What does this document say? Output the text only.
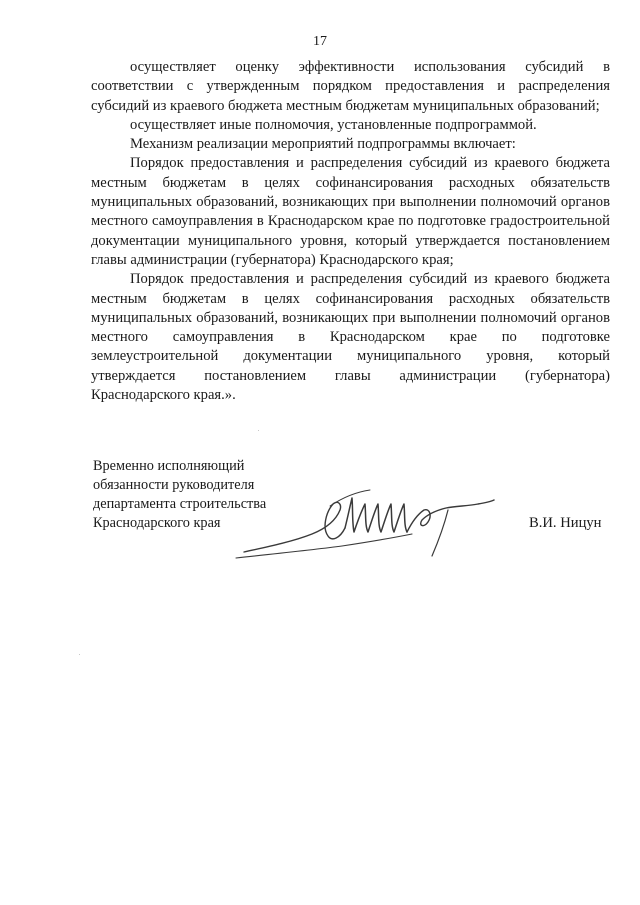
17

осуществляет оценку эффективности использования субсидий в соответствии с утвержденным порядком предоставления и распределения субсидий из краевого бюджета местным бюджетам муниципальных образований;

осуществляет иные полномочия, установленные подпрограммой.

Механизм реализации мероприятий подпрограммы включает:

Порядок предоставления и распределения субсидий из краевого бюджета местным бюджетам в целях софинансирования расходных обязательств муниципальных образований, возникающих при выполнении полномочий органов местного самоуправления в Краснодарском крае по подготовке градостроительной документации муниципального уровня, который утверждается постановлением главы администрации (губернатора) Краснодарского края;

Порядок предоставления и распределения субсидий из краевого бюджета местным бюджетам в целях софинансирования расходных обязательств муниципальных образований, возникающих при выполнении полномочий органов местного самоуправления в Краснодарском крае по подготовке землеустроительной документации муниципального уровня, который утверждается постановлением главы администрации (губернатора) Краснодарского края.».

Временно исполняющий
обязанности руководителя
департамента строительства
Краснодарского края	В.И. Ницун
